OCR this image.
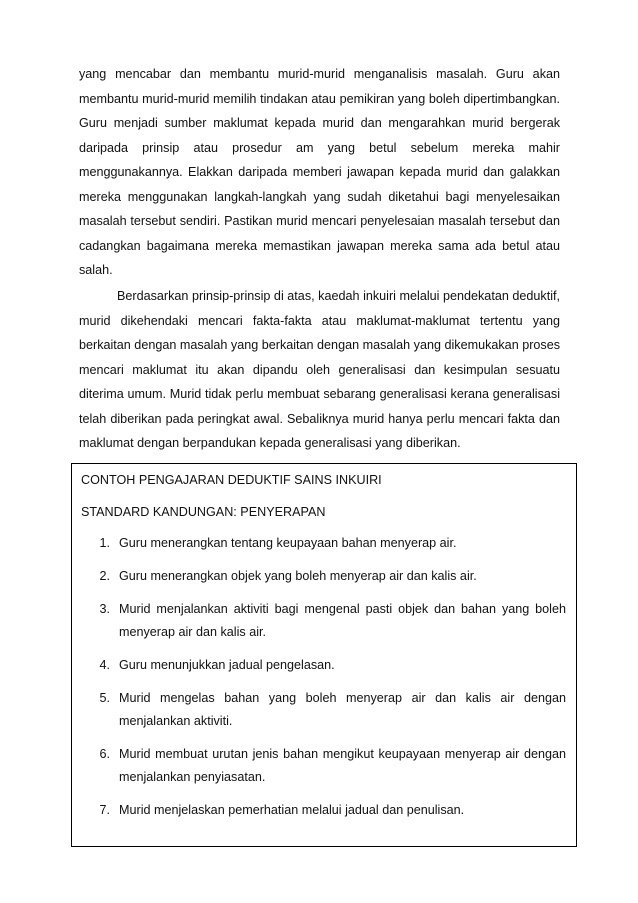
yang mencabar dan membantu murid-murid menganalisis masalah. Guru akan membantu murid-murid memilih tindakan atau pemikiran yang boleh dipertimbangkan. Guru menjadi sumber maklumat kepada murid dan mengarahkan murid bergerak daripada prinsip atau prosedur am yang betul sebelum mereka mahir menggunakannya. Elakkan daripada memberi jawapan kepada murid dan galakkan mereka menggunakan langkah-langkah yang sudah diketahui bagi menyelesaikan masalah tersebut sendiri. Pastikan murid mencari penyelesaian masalah tersebut dan cadangkan bagaimana mereka memastikan jawapan mereka sama ada betul atau salah.

Berdasarkan prinsip-prinsip di atas, kaedah inkuiri melalui pendekatan deduktif, murid dikehendaki mencari fakta-fakta atau maklumat-maklumat tertentu yang berkaitan dengan masalah yang berkaitan dengan masalah yang dikemukakan proses mencari maklumat itu akan dipandu oleh generalisasi dan kesimpulan sesuatu diterima umum. Murid tidak perlu membuat sebarang generalisasi kerana generalisasi telah diberikan pada peringkat awal. Sebaliknya murid hanya perlu mencari fakta dan maklumat dengan berpandukan kepada generalisasi yang diberikan.

CONTOH PENGAJARAN DEDUKTIF SAINS INKUIRI

STANDARD KANDUNGAN: PENYERAPAN

1. Guru menerangkan tentang keupayaan bahan menyerap air.
2. Guru menerangkan objek yang boleh menyerap air dan kalis air.
3. Murid menjalankan aktiviti bagi mengenal pasti objek dan bahan yang boleh menyerap air dan kalis air.
4. Guru menunjukkan jadual pengelasan.
5. Murid mengelas bahan yang boleh menyerap air dan kalis air dengan menjalankan aktiviti.
6. Murid membuat urutan jenis bahan mengikut keupayaan menyerap air dengan menjalankan penyiasatan.
7. Murid menjelaskan pemerhatian melalui jadual dan penulisan.
